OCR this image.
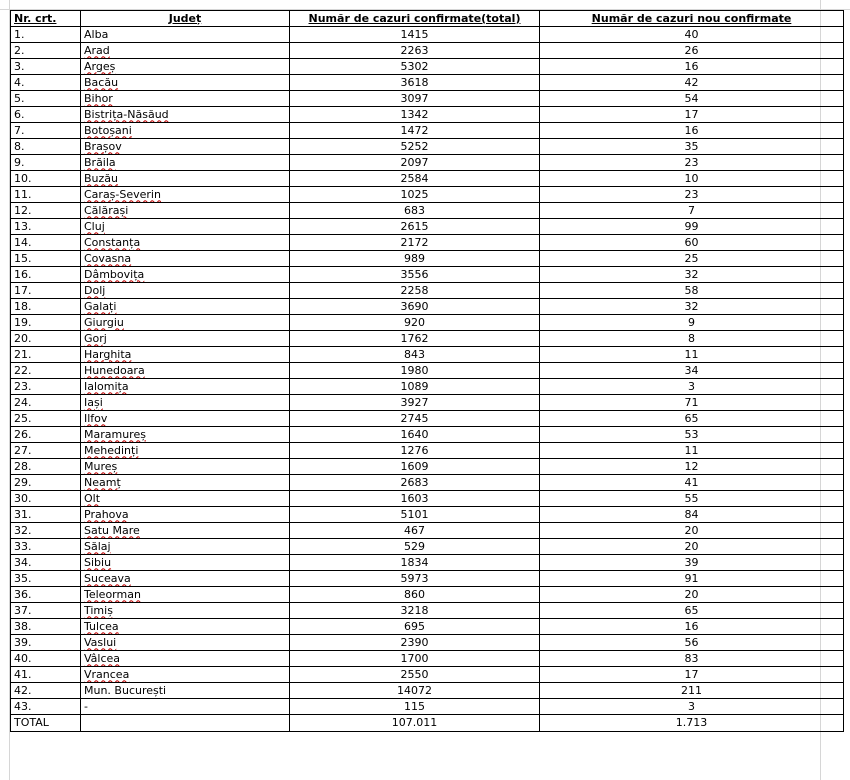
Nr. crt.	Județ	Număr de cazuri confirmate(total)	Număr de cazuri nou confirmate
1.	Alba	1415	40
2.	Arad	2263	26
3.	Argeș	5302	16
4.	Bacău	3618	42
5.	Bihor	3097	54
6.	Bistrița-Năsăud	1342	17
7.	Botoșani	1472	16
8.	Brașov	5252	35
9.	Brăila	2097	23
10.	Buzău	2584	10
11.	Caraș-Severin	1025	23
12.	Călărași	683	7
13.	Cluj	2615	99
14.	Constanța	2172	60
15.	Covasna	989	25
16.	Dâmbovița	3556	32
17.	Dolj	2258	58
18.	Galați	3690	32
19.	Giurgiu	920	9
20.	Gorj	1762	8
21.	Harghita	843	11
22.	Hunedoara	1980	34
23.	Ialomița	1089	3
24.	Iași	3927	71
25.	Ilfov	2745	65
26.	Maramureș	1640	53
27.	Mehedinți	1276	11
28.	Mureș	1609	12
29.	Neamț	2683	41
30.	Olt	1603	55
31.	Prahova	5101	84
32.	Satu Mare	467	20
33.	Sălaj	529	20
34.	Sibiu	1834	39
35.	Suceava	5973	91
36.	Teleorman	860	20
37.	Timiș	3218	65
38.	Tulcea	695	16
39.	Vaslui	2390	56
40.	Vâlcea	1700	83
41.	Vrancea	2550	17
42.	Mun. București	14072	211
43.	-	115	3
TOTAL		107.011	1.713
